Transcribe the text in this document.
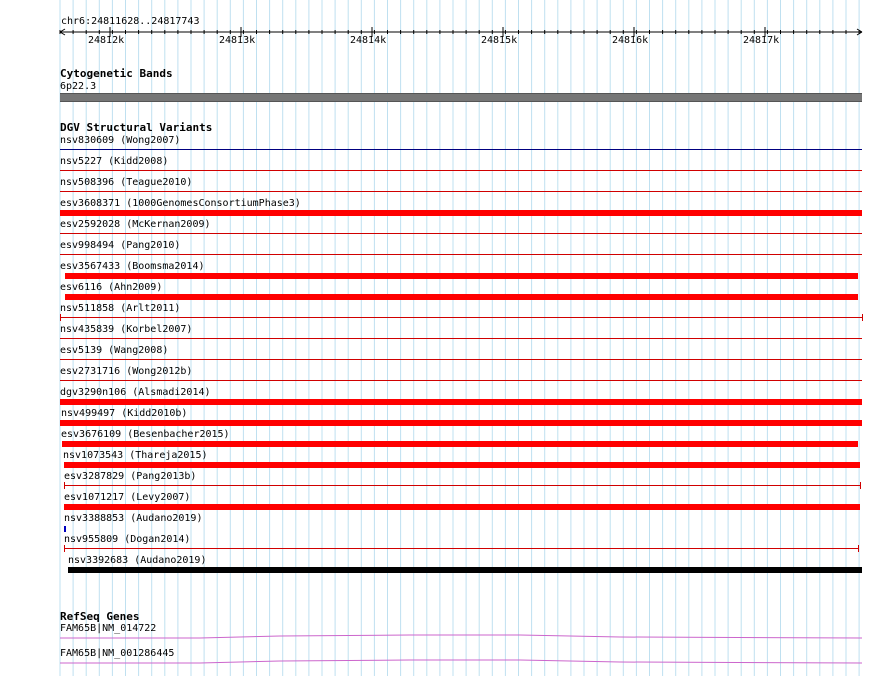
chr6:24811628..24817743
24812k	24813k	24814k	24815k	24816k	24817k
Cytogenetic Bands
6p22.3
DGV Structural Variants
nsv830609 (Wong2007)
nsv5227 (Kidd2008)
nsv508396 (Teague2010)
esv3608371 (1000GenomesConsortiumPhase3)
esv2592028 (McKernan2009)
esv998494 (Pang2010)
esv3567433 (Boomsma2014)
esv6116 (Ahn2009)
nsv511858 (Arlt2011)
nsv435839 (Korbel2007)
esv5139 (Wang2008)
esv2731716 (Wong2012b)
dgv3290n106 (Alsmadi2014)
nsv499497 (Kidd2010b)
esv3676109 (Besenbacher2015)
nsv1073543 (Thareja2015)
esv3287829 (Pang2013b)
esv1071217 (Levy2007)
nsv3388853 (Audano2019)
nsv955809 (Dogan2014)
nsv3392683 (Audano2019)
RefSeq Genes
FAM65B|NM_014722
FAM65B|NM_001286445
